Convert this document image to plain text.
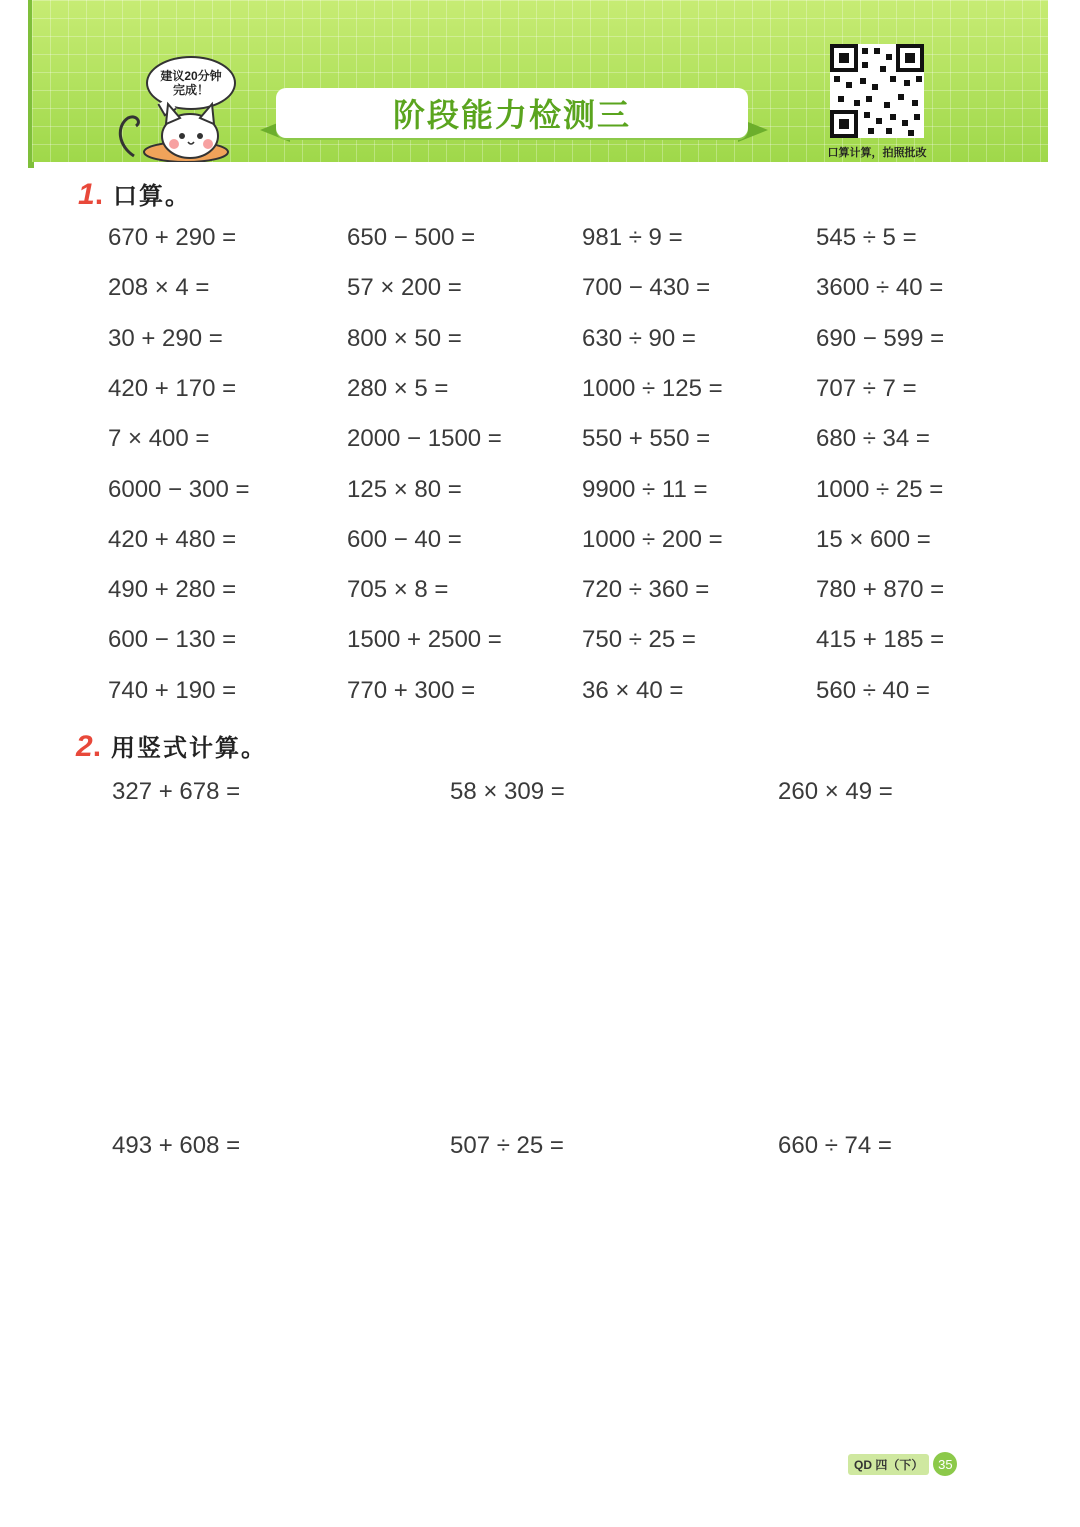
建议20分钟
完成！
阶段能力检测三
口算计算，拍照批改
1 . 口算。
670 + 290 =	650 − 500 =	981 ÷ 9 =	545 ÷ 5 =
208 × 4 =	57 × 200 =	700 − 430 =	3600 ÷ 40 =
30 + 290 =	800 × 50 =	630 ÷ 90 =	690 − 599 =
420 + 170 =	280 × 5 =	1000 ÷ 125 =	707 ÷ 7 =
7 × 400 =	2000 − 1500 =	550 + 550 =	680 ÷ 34 =
6000 − 300 =	125 × 80 =	9900 ÷ 11 =	1000 ÷ 25 =
420 + 480 =	600 − 40 =	1000 ÷ 200 =	15 × 600 =
490 + 280 =	705 × 8 =	720 ÷ 360 =	780 + 870 =
600 − 130 =	1500 + 2500 =	750 ÷ 25 =	415 + 185 =
740 + 190 =	770 + 300 =	36 × 40 =	560 ÷ 40 =
2 . 用竖式计算。
327 + 678 =	58 × 309 =	260 × 49 =
493 + 608 =	507 ÷ 25 =	660 ÷ 74 =
QD 四（下）	35
